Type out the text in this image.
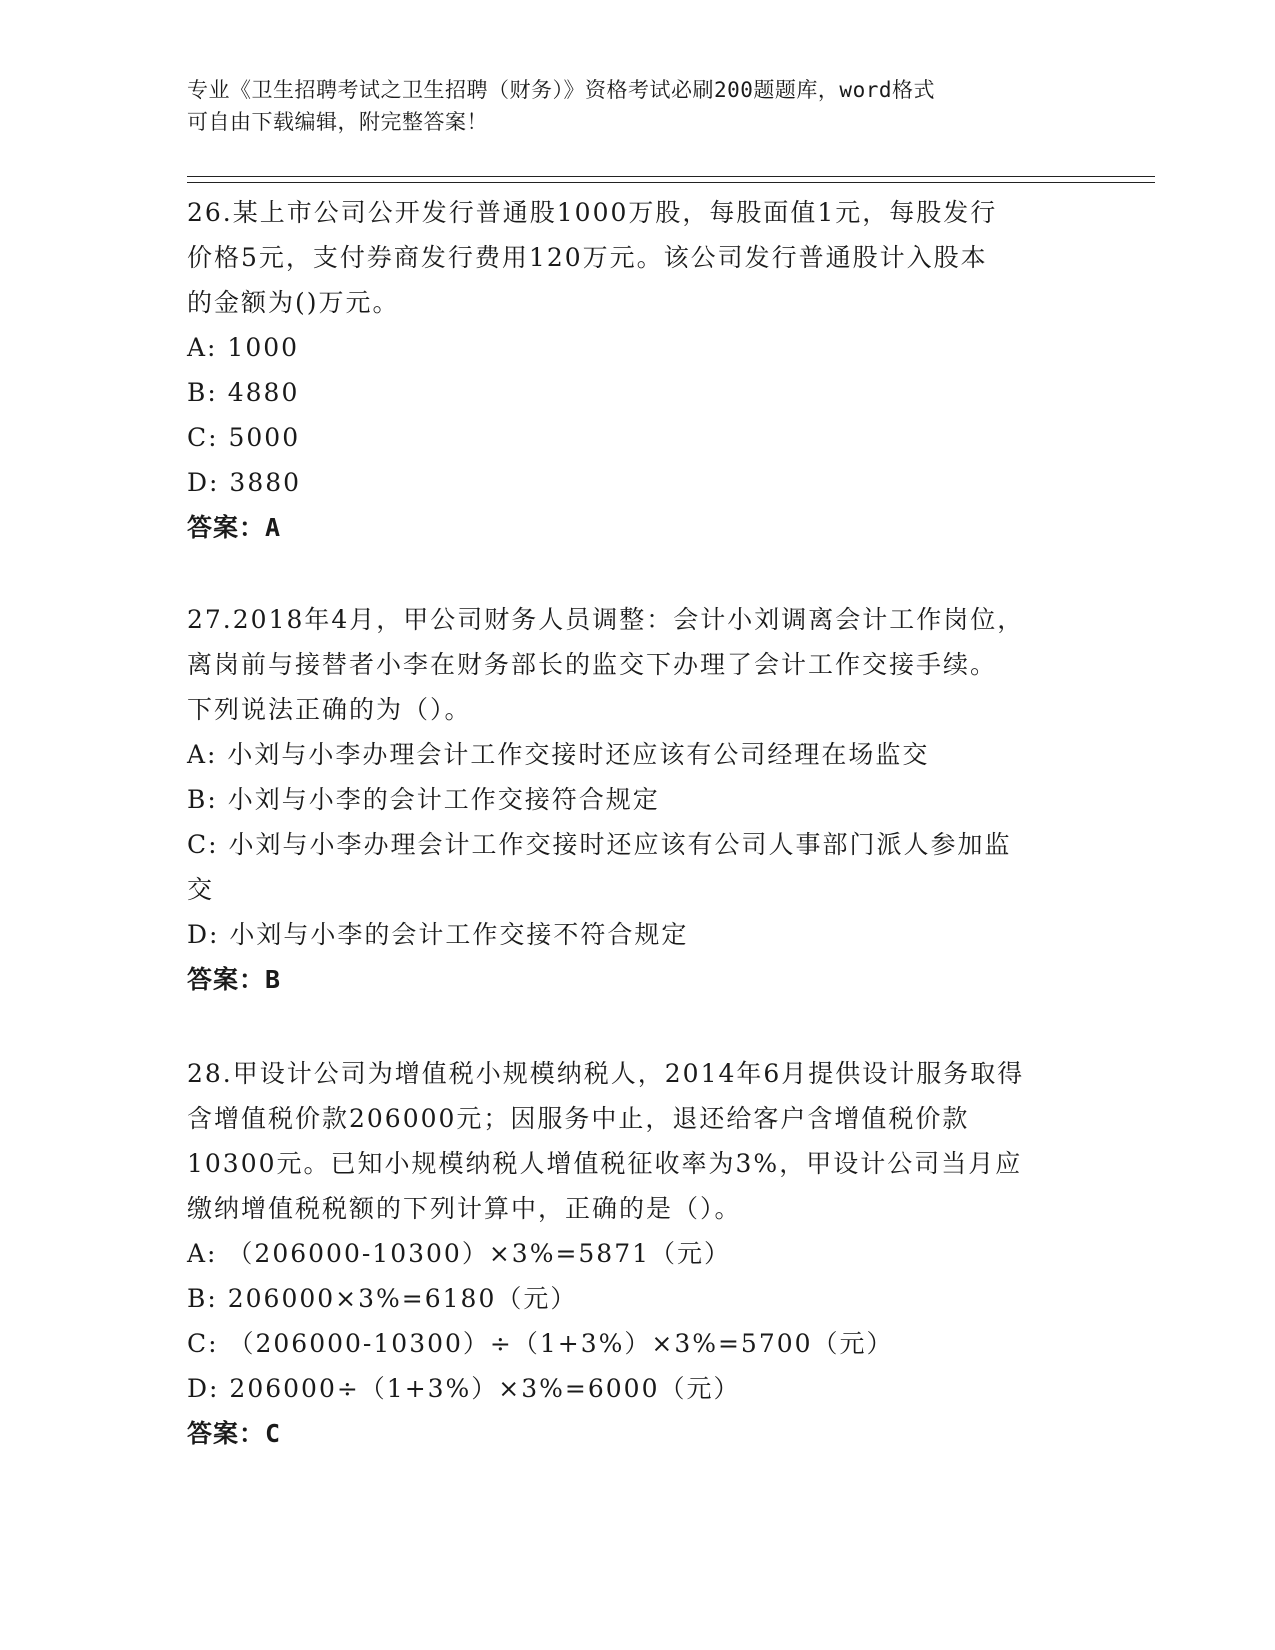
专业《卫生招聘考试之卫生招聘（财务）》资格考试必刷200题题库，word格式
可自由下载编辑，附完整答案！
26.某上市公司公开发行普通股1000万股，每股面值1元，每股发行
价格5元，支付券商发行费用120万元。该公司发行普通股计入股本
的金额为()万元。
A: 1000
B: 4880
C: 5000
D: 3880
答案：A
27.2018年4月，甲公司财务人员调整：会计小刘调离会计工作岗位，
离岗前与接替者小李在财务部长的监交下办理了会计工作交接手续。
下列说法正确的为（）。
A: 小刘与小李办理会计工作交接时还应该有公司经理在场监交
B: 小刘与小李的会计工作交接符合规定
C: 小刘与小李办理会计工作交接时还应该有公司人事部门派人参加监
交
D: 小刘与小李的会计工作交接不符合规定
答案：B
28.甲设计公司为增值税小规模纳税人，2014年6月提供设计服务取得
含增值税价款206000元；因服务中止，退还给客户含增值税价款
10300元。已知小规模纳税人增值税征收率为3%，甲设计公司当月应
缴纳增值税税额的下列计算中，正确的是（）。
A: （206000-10300）×3%=5871（元）
B: 206000×3%=6180（元）
C: （206000-10300）÷（1+3%）×3%=5700（元）
D: 206000÷（1+3%）×3%=6000（元）
答案：C
